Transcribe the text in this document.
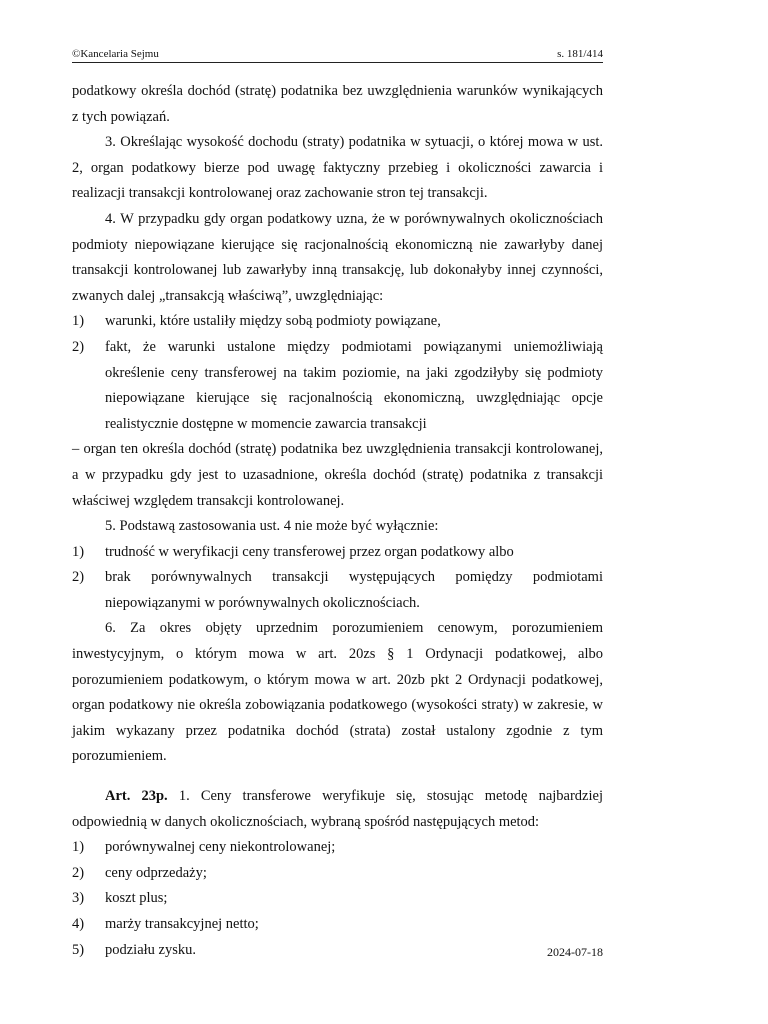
©Kancelaria Sejmu	s. 181/414

podatkowy określa dochód (stratę) podatnika bez uwzględnienia warunków wynikających z tych powiązań.

3. Określając wysokość dochodu (straty) podatnika w sytuacji, o której mowa w ust. 2, organ podatkowy bierze pod uwagę faktyczny przebieg i okoliczności zawarcia i realizacji transakcji kontrolowanej oraz zachowanie stron tej transakcji.

4. W przypadku gdy organ podatkowy uzna, że w porównywalnych okolicznościach podmioty niepowiązane kierujące się racjonalnością ekonomiczną nie zawarłyby danej transakcji kontrolowanej lub zawarłyby inną transakcję, lub dokonałyby innej czynności, zwanych dalej „transakcją właściwą”, uwzględniając:

1) warunki, które ustaliły między sobą podmioty powiązane,
2) fakt, że warunki ustalone między podmiotami powiązanymi uniemożliwiają określenie ceny transferowej na takim poziomie, na jaki zgodziłyby się podmioty niepowiązane kierujące się racjonalnością ekonomiczną, uwzględniając opcje realistycznie dostępne w momencie zawarcia transakcji

– organ ten określa dochód (stratę) podatnika bez uwzględnienia transakcji kontrolowanej, a w przypadku gdy jest to uzasadnione, określa dochód (stratę) podatnika z transakcji właściwej względem transakcji kontrolowanej.

5. Podstawą zastosowania ust. 4 nie może być wyłącznie:

1) trudność w weryfikacji ceny transferowej przez organ podatkowy albo
2) brak porównywalnych transakcji występujących pomiędzy podmiotami niepowiązanymi w porównywalnych okolicznościach.

6. Za okres objęty uprzednim porozumieniem cenowym, porozumieniem inwestycyjnym, o którym mowa w art. 20zs § 1 Ordynacji podatkowej, albo porozumieniem podatkowym, o którym mowa w art. 20zb pkt 2 Ordynacji podatkowej, organ podatkowy nie określa zobowiązania podatkowego (wysokości straty) w zakresie, w jakim wykazany przez podatnika dochód (strata) został ustalony zgodnie z tym porozumieniem.

Art. 23p. 1. Ceny transferowe weryfikuje się, stosując metodę najbardziej odpowiednią w danych okolicznościach, wybraną spośród następujących metod:

1) porównywalnej ceny niekontrolowanej;
2) ceny odprzedaży;
3) koszt plus;
4) marży transakcyjnej netto;
5) podziału zysku.	2024-07-18
